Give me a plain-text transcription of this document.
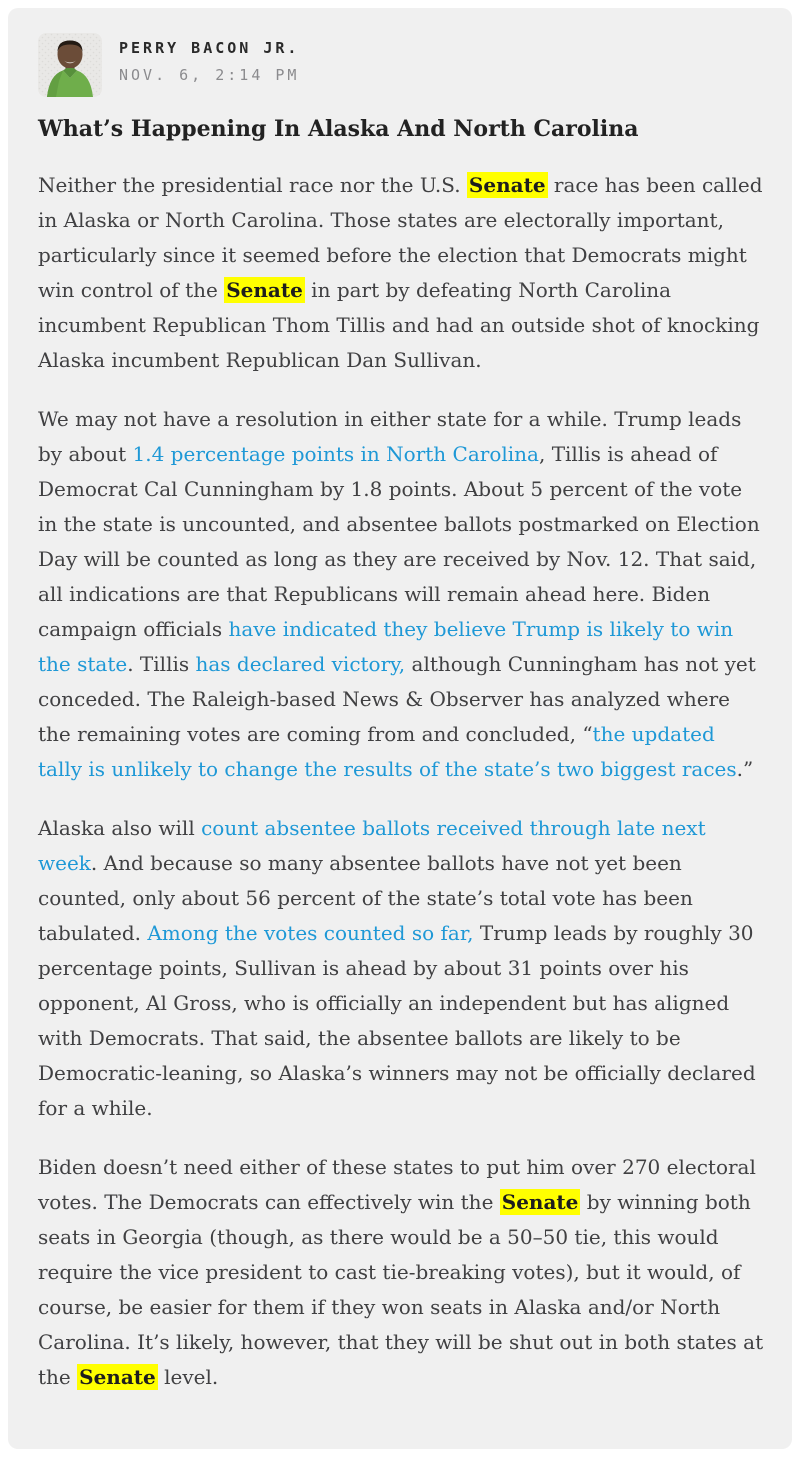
PERRY BACON JR.

NOV. 6, 2:14 PM

What’s Happening In Alaska And North Carolina

Neither the presidential race nor the U.S. Senate race has been called in Alaska or North Carolina. Those states are electorally important, particularly since it seemed before the election that Democrats might win control of the Senate in part by defeating North Carolina incumbent Republican Thom Tillis and had an outside shot of knocking Alaska incumbent Republican Dan Sullivan.

We may not have a resolution in either state for a while. Trump leads by about 1.4 percentage points in North Carolina, Tillis is ahead of Democrat Cal Cunningham by 1.8 points. About 5 percent of the vote in the state is uncounted, and absentee ballots postmarked on Election Day will be counted as long as they are received by Nov. 12. That said, all indications are that Republicans will remain ahead here. Biden campaign officials have indicated they believe Trump is likely to win the state. Tillis has declared victory, although Cunningham has not yet conceded. The Raleigh-based News & Observer has analyzed where the remaining votes are coming from and concluded, “the updated tally is unlikely to change the results of the state’s two biggest races.”

Alaska also will count absentee ballots received through late next week. And because so many absentee ballots have not yet been counted, only about 56 percent of the state’s total vote has been tabulated. Among the votes counted so far, Trump leads by roughly 30 percentage points, Sullivan is ahead by about 31 points over his opponent, Al Gross, who is officially an independent but has aligned with Democrats. That said, the absentee ballots are likely to be Democratic-leaning, so Alaska’s winners may not be officially declared for a while.

Biden doesn’t need either of these states to put him over 270 electoral votes. The Democrats can effectively win the Senate by winning both seats in Georgia (though, as there would be a 50–50 tie, this would require the vice president to cast tie-breaking votes), but it would, of course, be easier for them if they won seats in Alaska and/or North Carolina. It’s likely, however, that they will be shut out in both states at the Senate level.
